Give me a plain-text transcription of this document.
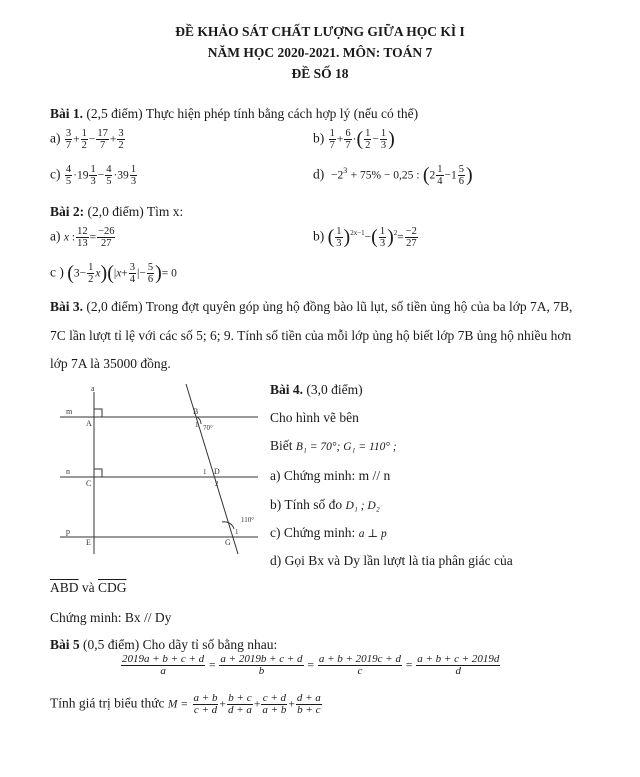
ĐỀ KHẢO SÁT CHẤT LƯỢNG GIỮA HỌC KÌ I
NĂM HỌC 2020-2021. MÔN: TOÁN 7
ĐỀ SỐ 18
Bài 1. (2,5 điểm) Thực hiện phép tính bằng cách hợp lý (nếu có thể)
$a) \frac{3}{7} + \frac{1}{2} - \frac{17}{7} + \frac{3}{2}$	$b) \frac{1}{7} + \frac{6}{7}$ ·( $\frac{1}{2} - \frac{1}{3}$ )
$c) \frac{4}{5} \cdot 19 \frac{1}{3} - \frac{4}{5} \cdot 39 \frac{1}{3}$	$d) -2^3 + 75\% - 0,25$ : ($2 \frac{1}{4} -1 \frac{5}{6}$ )
Bài 2: (2,0 điểm) Tìm x:
a) x : $\frac{12}{13} = \frac{-26}{27}$	b) ( $\frac{1}{3} )^{2x-1}-( \frac{1}{3} )^2= \frac{-2}{27}$
c ) $(3- \frac{1}{2} x)(|x+ \frac{3}{4}$ |− $\frac{5}{6}$ )= 0
Bài 3. (2,0 điểm) Trong đợt quyên góp ủng hộ đồng bào lũ lụt, số tiền ủng hộ của ba lớp 7A, 7B,
7C lần lượt tỉ lệ với các số 5; 6; 9. Tính số tiền của mỗi lớp ủng hộ biết lớp 7B ủng hộ nhiều hơn
lớp 7A là 35000 đồng.
a
m
n
p
A
C
E
B
D
G
1 70°
1
2
110°
1
Bài 4. (3,0 điểm)
Cho hình vẽ bên
Biết B₁ = 70°; G₁ = 110° ;
a) Chứng minh: m // n
b) Tính số đo D₁ ; D₂
c) Chứng minh: a ⊥ p
d) Gọi Bx và Dy lần lượt là tia phân giác của
$\overline{ABD}$ và $\overline{CDG}$
Chứng minh: Bx // Dy
Bài 5 (0,5 điểm) Cho dãy tỉ số bằng nhau:
$\frac{2019a + b + c + d}{a} = \frac{a + 2019b + c + d}{b} = \frac{a + b + 2019c + d}{c} = \frac{a + b + c + 2019d}{d}$
Tính giá trị biểu thức $M = \frac{a + b}{c + d} + \frac{b + c}{d + a} + \frac{c + d}{a + b} + \frac{d + a}{b + c}$
